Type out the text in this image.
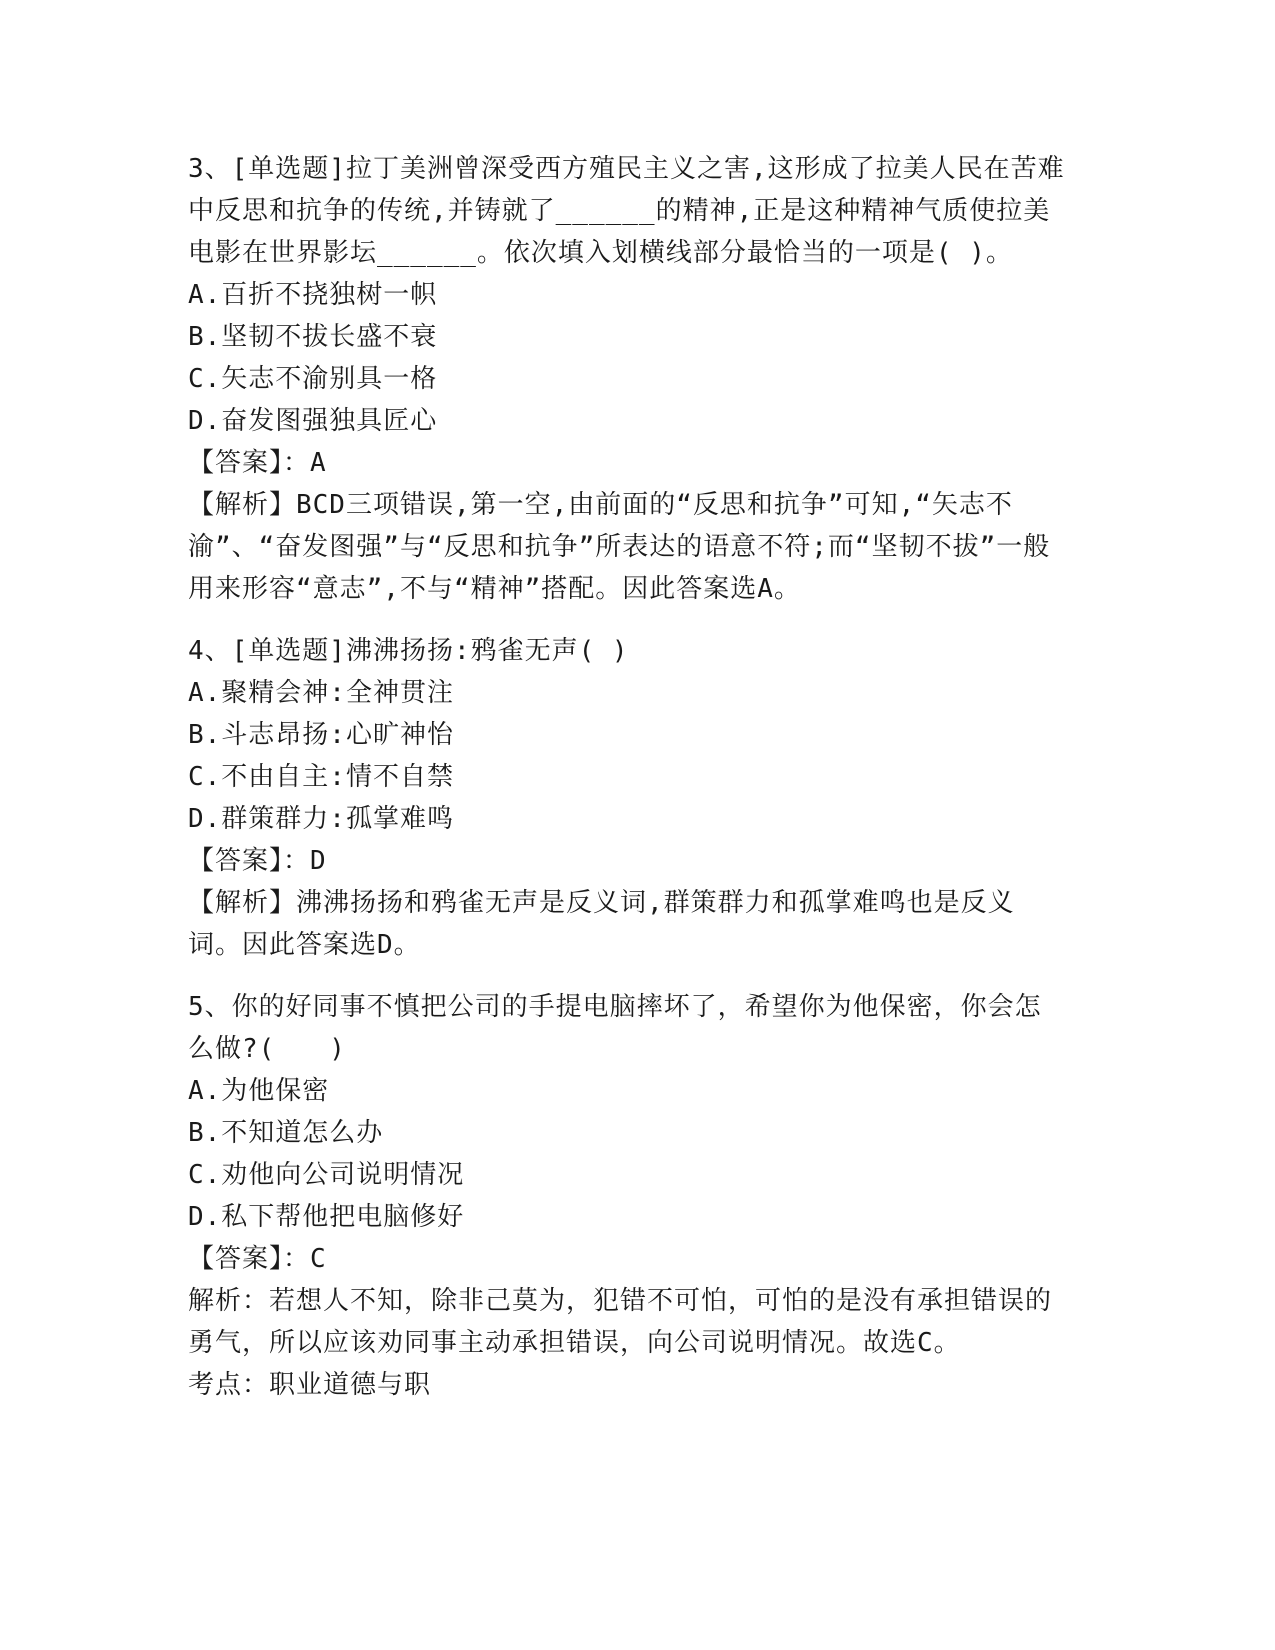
3、[单选题]拉丁美洲曾深受西方殖民主义之害,这形成了拉美人民在苦难中反思和抗争的传统,并铸就了______的精神,正是这种精神气质使拉美电影在世界影坛______。依次填入划横线部分最恰当的一项是( )。
A.百折不挠独树一帜
B.坚韧不拔长盛不衰
C.矢志不渝别具一格
D.奋发图强独具匠心
【答案】：A
【解析】BCD三项错误,第一空,由前面的“反思和抗争”可知,“矢志不渝”、“奋发图强”与“反思和抗争”所表达的语意不符;而“坚韧不拔”一般用来形容“意志”,不与“精神”搭配。因此答案选A。
4、[单选题]沸沸扬扬:鸦雀无声( )
A.聚精会神:全神贯注
B.斗志昂扬:心旷神怡
C.不由自主:情不自禁
D.群策群力:孤掌难鸣
【答案】：D
【解析】沸沸扬扬和鸦雀无声是反义词,群策群力和孤掌难鸣也是反义词。因此答案选D。
5、你的好同事不慎把公司的手提电脑摔坏了，希望你为他保密，你会怎么做?(　　)
A.为他保密
B.不知道怎么办
C.劝他向公司说明情况
D.私下帮他把电脑修好
【答案】：C
解析：若想人不知，除非己莫为，犯错不可怕，可怕的是没有承担错误的勇气，所以应该劝同事主动承担错误，向公司说明情况。故选C。
考点：职业道德与职
